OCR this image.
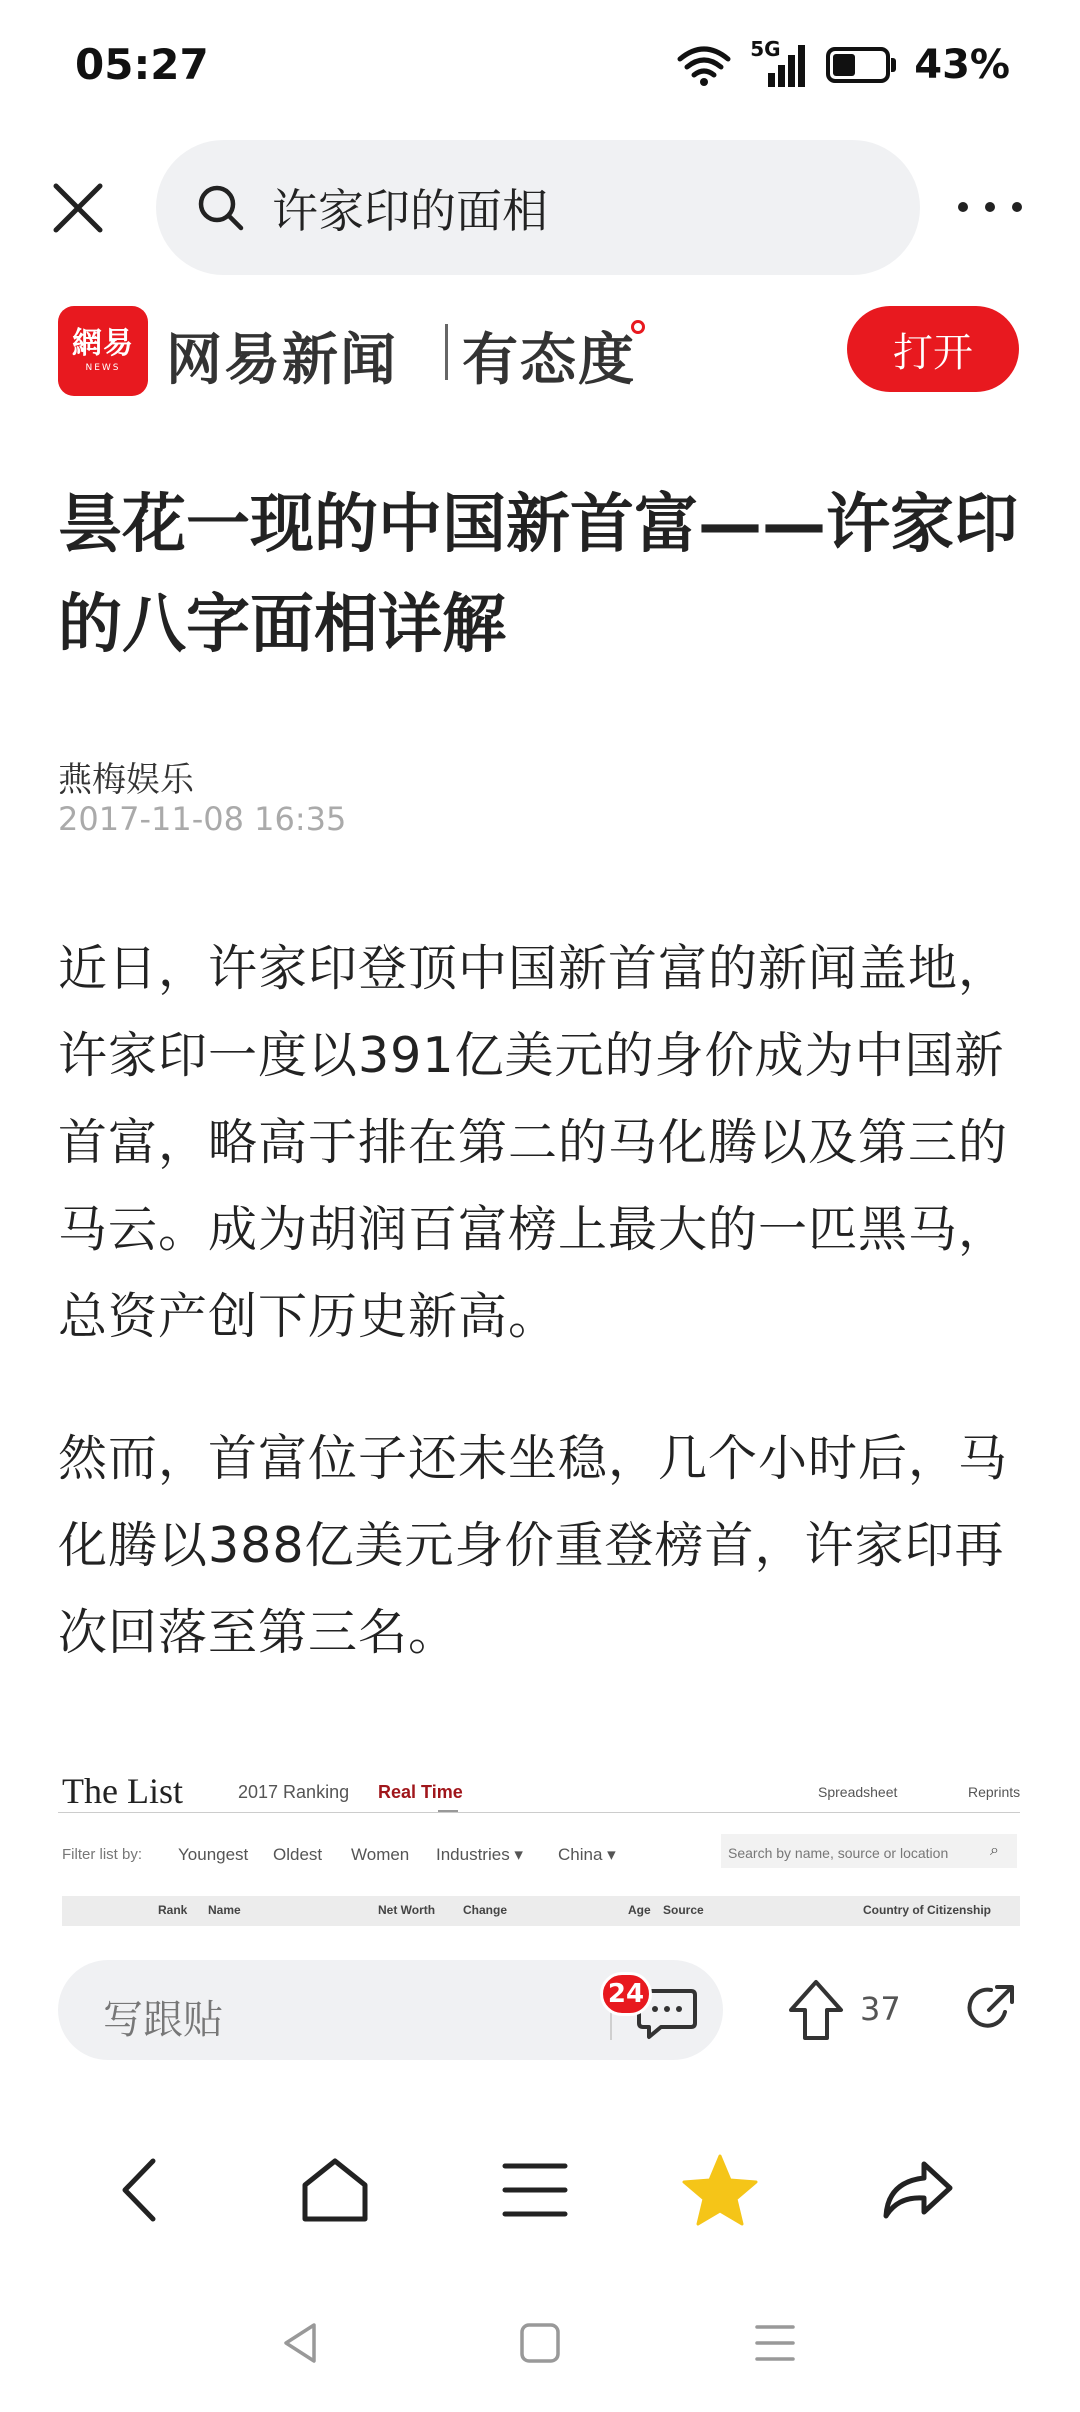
05:27	5G	43%
许家印的面相
網易
NEWS 网易新闻 有态度	打开
昙花一现的中国新首富——许家印的八字面相详解
燕梅娱乐
2017-11-08 16:35

近日，许家印登顶中国新首富的新闻盖地，许家印一度以391亿美元的身价成为中国新首富，略高于排在第二的马化腾以及第三的马云。成为胡润百富榜上最大的一匹黑马，总资产创下历史新高。

然而，首富位子还未坐稳，几个小时后，马化腾以388亿美元身价重登榜首，许家印再次回落至第三名。

The List	2017 Ranking Real Time	Spreadsheet	Reprints
Filter list by: Youngest Oldest Women Industries ▾ China ▾	Search by name, source or location	⌕
Rank Name	Net Worth Change	Age Source	Country of Citizenship
写跟贴
24	37
